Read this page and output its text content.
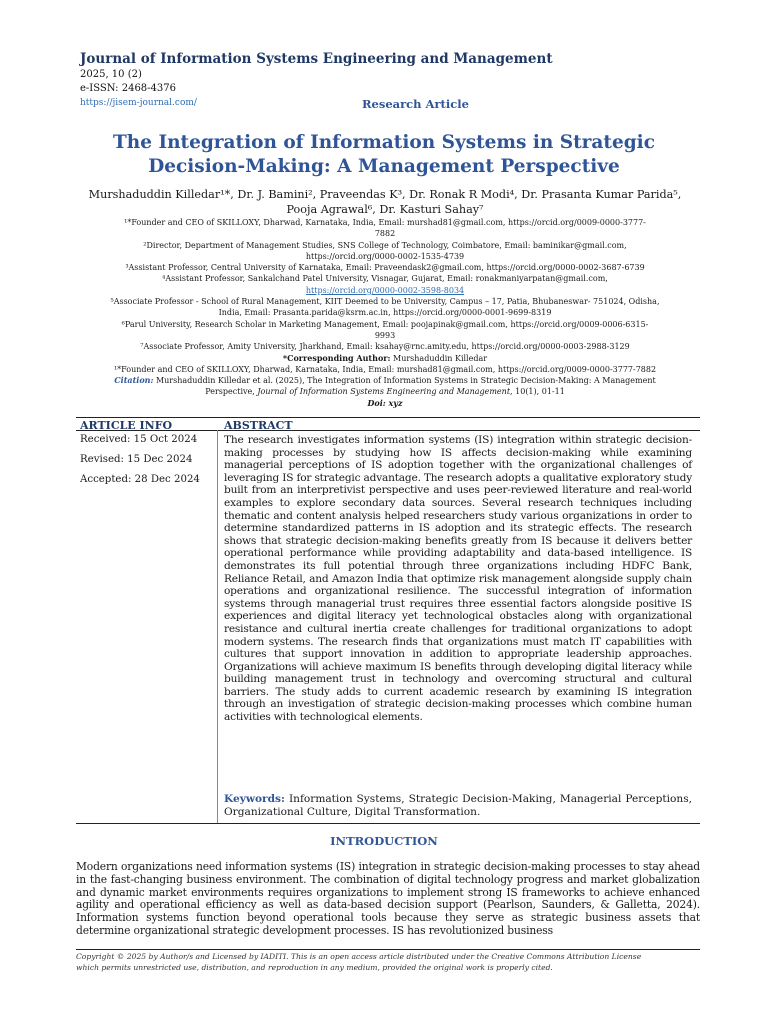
Journal of Information Systems Engineering and Management
2025, 10 (2)
e-ISSN: 2468-4376
https://jisem-journal.com/	Research Article
The Integration of Information Systems in Strategic
Decision-Making: A Management Perspective
Murshaduddin Killedar¹*, Dr. J. Bamini², Praveendas K³, Dr. Ronak R Modi⁴, Dr. Prasanta Kumar Parida⁵,
Pooja Agrawal⁶, Dr. Kasturi Sahay⁷
¹*Founder and CEO of SKILLOXY, Dharwad, Karnataka, India, Email: murshad81@gmail.com, https://orcid.org/0009-0000-3777-
7882
²Director, Department of Management Studies, SNS College of Technology, Coimbatore, Email: baminikar@gmail.com,
https://orcid.org/0000-0002-1535-4739
³Assistant Professor, Central University of Karnataka, Email: Praveendask2@gmail.com, https://orcid.org/0000-0002-3687-6739
⁴Assistant Professor, Sankalchand Patel University, Visnagar, Gujarat, Email: ronakmaniyarpatan@gmail.com,
https://orcid.org/0000-0002-3598-8034
⁵Associate Professor - School of Rural Management, KIIT Deemed to be University, Campus – 17, Patia, Bhubaneswar- 751024, Odisha,
India, Email: Prasanta.parida@ksrm.ac.in, https://orcid.org/0000-0001-9699-8319
⁶Parul University, Research Scholar in Marketing Management, Email: poojapinak@gmail.com, https://orcid.org/0009-0006-6315-
9993
⁷Associate Professor, Amity University, Jharkhand, Email: ksahay@rnc.amity.edu, https://orcid.org/0000-0003-2988-3129
*Corresponding Author: Murshaduddin Killedar
¹*Founder and CEO of SKILLOXY, Dharwad, Karnataka, India, Email: murshad81@gmail.com, https://orcid.org/0009-0000-3777-7882
Citation: Murshaduddin Killedar et al. (2025), The Integration of Information Systems in Strategic Decision-Making: A Management
Perspective, Journal of Information Systems Engineering and Management, 10(1), 01-11
Doi: xyz
ARTICLE INFO
Received: 15 Oct 2024
Revised: 15 Dec 2024
Accepted: 28 Dec 2024
ABSTRACT
The research investigates information systems (IS) integration within strategic decision-making processes by studying how IS affects decision-making while examining managerial perceptions of IS adoption together with the organizational challenges of leveraging IS for strategic advantage. The research adopts a qualitative exploratory study built from an interpretivist perspective and uses peer-reviewed literature and real-world examples to explore secondary data sources. Several research techniques including thematic and content analysis helped researchers study various organizations in order to determine standardized patterns in IS adoption and its strategic effects. The research shows that strategic decision-making benefits greatly from IS because it delivers better operational performance while providing adaptability and data-based intelligence. IS demonstrates its full potential through three organizations including HDFC Bank, Reliance Retail, and Amazon India that optimize risk management alongside supply chain operations and organizational resilience. The successful integration of information systems through managerial trust requires three essential factors alongside positive IS experiences and digital literacy yet technological obstacles along with organizational resistance and cultural inertia create challenges for traditional organizations to adopt modern systems. The research finds that organizations must match IT capabilities with cultures that support innovation in addition to appropriate leadership approaches. Organizations will achieve maximum IS benefits through developing digital literacy while building management trust in technology and overcoming structural and cultural barriers. The study adds to current academic research by examining IS integration through an investigation of strategic decision-making processes which combine human activities with technological elements.
Keywords: Information Systems, Strategic Decision-Making, Managerial Perceptions, Organizational Culture, Digital Transformation.
INTRODUCTION
Modern organizations need information systems (IS) integration in strategic decision-making processes to stay ahead in the fast-changing business environment. The combination of digital technology progress and market globalization and dynamic market environments requires organizations to implement strong IS frameworks to achieve enhanced agility and operational efficiency as well as data-based decision support (Pearlson, Saunders, & Galletta, 2024). Information systems function beyond operational tools because they serve as strategic business assets that determine organizational strategic development processes. IS has revolutionized business
Copyright © 2025 by Author/s and Licensed by IADITI. This is an open access article distributed under the Creative Commons Attribution License
which permits unrestricted use, distribution, and reproduction in any medium, provided the original work is properly cited.
